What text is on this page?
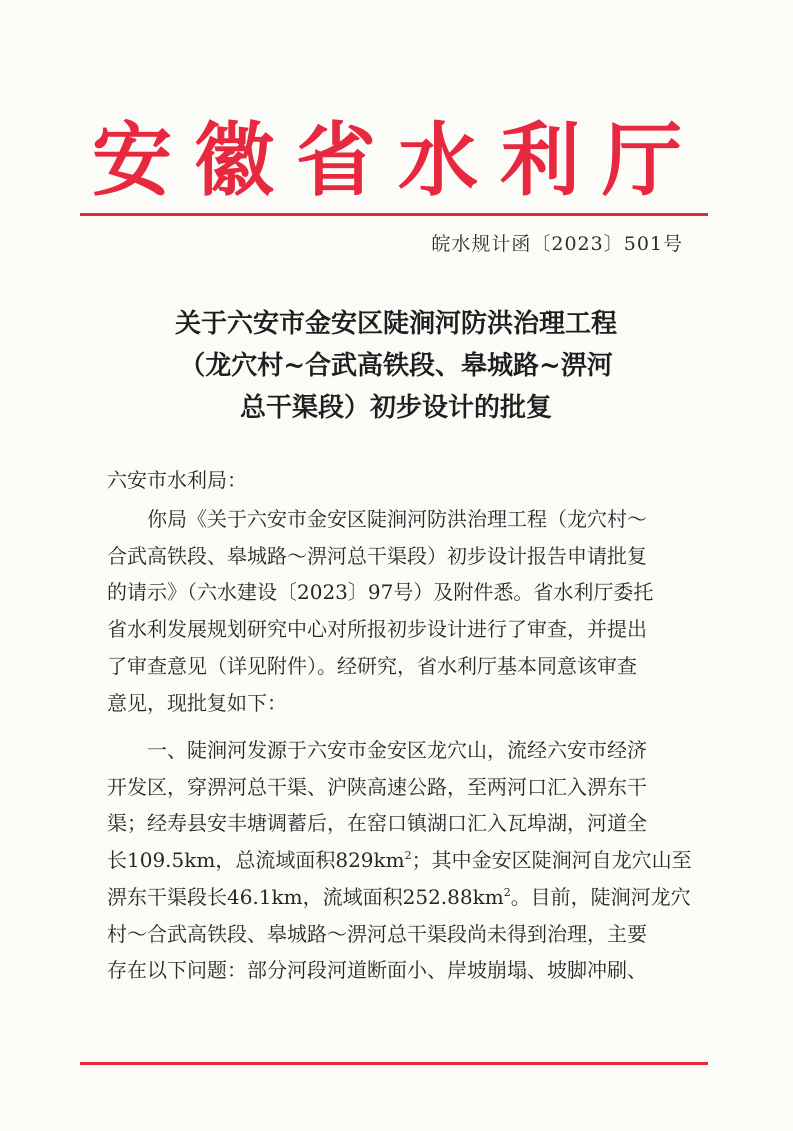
安徽省水利厅
皖水规计函〔2023〕501号
关于六安市金安区陡涧河防洪治理工程
（龙穴村~合武高铁段、皋城路~淠河
总干渠段）初步设计的批复
六安市水利局：
你局《关于六安市金安区陡涧河防洪治理工程（龙穴村～
合武高铁段、皋城路～淠河总干渠段）初步设计报告申请批复
的请示》（六水建设〔2023〕97号）及附件悉。省水利厅委托
省水利发展规划研究中心对所报初步设计进行了审查，并提出
了审查意见（详见附件）。经研究，省水利厅基本同意该审查
意见，现批复如下：
一、陡涧河发源于六安市金安区龙穴山，流经六安市经济
开发区，穿淠河总干渠、沪陕高速公路，至两河口汇入淠东干
渠；经寿县安丰塘调蓄后，在窑口镇湖口汇入瓦埠湖，河道全
长109.5km，总流域面积$829km^2$；其中金安区陡涧河自龙穴山至
淠东干渠段长46.1km，流域面积$252.88km^2$。目前，陡涧河龙穴
村～合武高铁段、皋城路～淠河总干渠段尚未得到治理，主要
存在以下问题：部分河段河道断面小、岸坡崩塌、坡脚冲刷、
